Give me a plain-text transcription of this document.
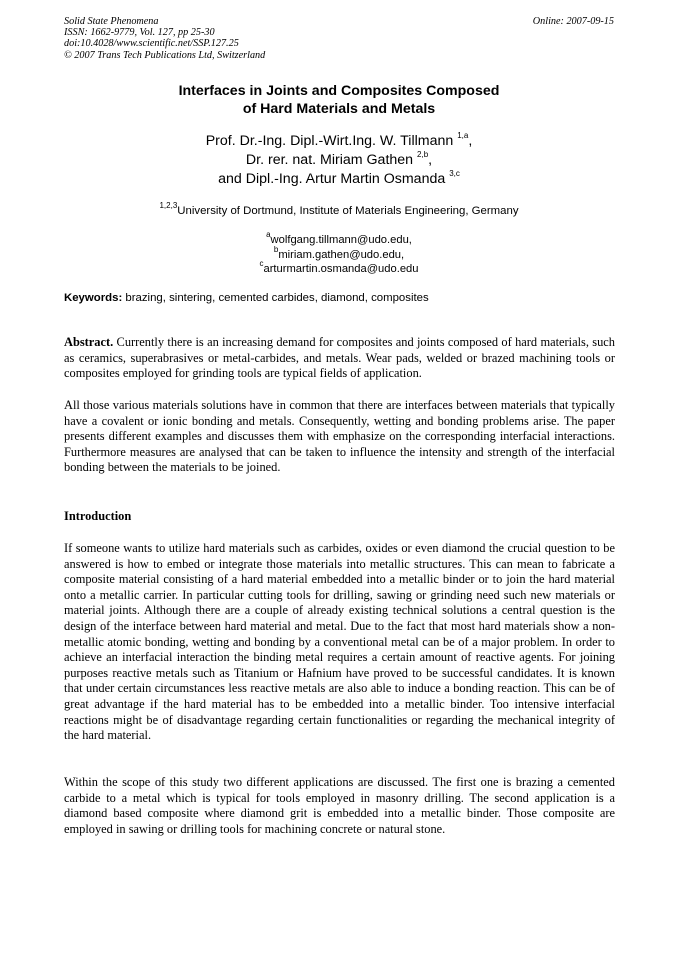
Solid State Phenomena
ISSN: 1662-9779, Vol. 127, pp 25-30
doi:10.4028/www.scientific.net/SSP.127.25
© 2007 Trans Tech Publications Ltd, Switzerland
Online: 2007-09-15
Interfaces in Joints and Composites Composed
of Hard Materials and Metals
Prof. Dr.-Ing. Dipl.-Wirt.Ing. W. Tillmann $^{1,a}$,
Dr. rer. nat. Miriam Gathen $^{2,b}$,
and Dipl.-Ing. Artur Martin Osmanda $^{3,c}$
$^{1,2,3}$University of Dortmund, Institute of Materials Engineering, Germany
$^a$wolfgang.tillmann@udo.edu,
$^b$miriam.gathen@udo.edu,
$^c$arturmartin.osmanda@udo.edu
Keywords: brazing, sintering, cemented carbides, diamond, composites

Abstract. Currently there is an increasing demand for composites and joints composed of hard materials, such as ceramics, superabrasives or metal-carbides, and metals. Wear pads, welded or brazed machining tools or composites employed for grinding tools are typical fields of application.

All those various materials solutions have in common that there are interfaces between materials that typically have a covalent or ionic bonding and metals. Consequently, wetting and bonding problems arise. The paper presents different examples and discusses them with emphasize on the corresponding interfacial interactions. Furthermore measures are analysed that can be taken to influence the intensity and strength of the interfacial bonding between the materials to be joined.

Introduction

If someone wants to utilize hard materials such as carbides, oxides or even diamond the crucial question to be answered is how to embed or integrate those materials into metallic structures. This can mean to fabricate a composite material consisting of a hard material embedded into a metallic binder or to join the hard material onto a metallic carrier. In particular cutting tools for drilling, sawing or grinding need such new materials or material joints. Although there are a couple of already existing technical solutions a central question is the design of the interface between hard material and metal. Due to the fact that most hard materials show a non-metallic atomic bonding, wetting and bonding by a conventional metal can be of a major problem. In order to achieve an interfacial interaction the binding metal requires a certain amount of reactive agents. For joining purposes reactive metals such as Titanium or Hafnium have proved to be successful candidates. It is known that under certain circumstances less reactive metals are also able to induce a bonding reaction. This can be of great advantage if the hard material has to be embedded into a metallic binder. Too intensive interfacial reactions might be of disadvantage regarding certain functionalities or regarding the mechanical integrity of the hard material.

Within the scope of this study two different applications are discussed. The first one is brazing a cemented carbide to a metal which is typical for tools employed in masonry drilling. The second application is a diamond based composite where diamond grit is embedded into a metallic binder. Those composite are employed in sawing or drilling tools for machining concrete or natural stone.
